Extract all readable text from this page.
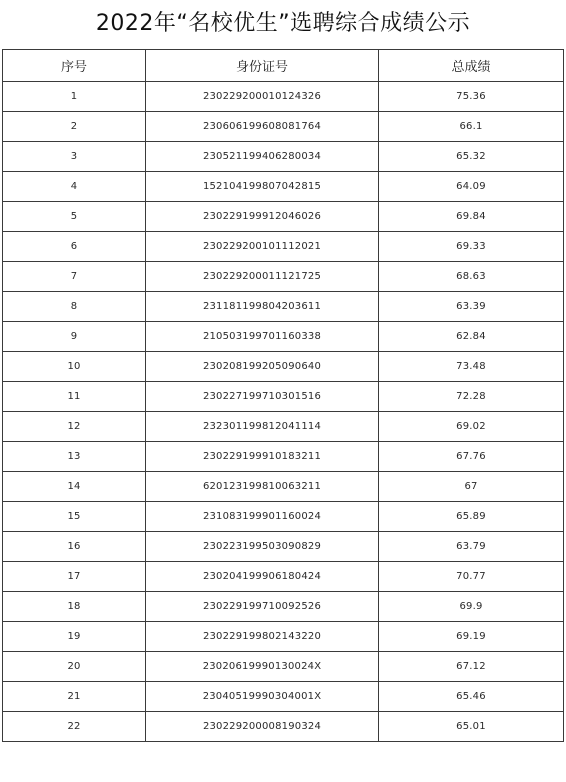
2022年“名校优生”选聘综合成绩公示
序号	身份证号	总成绩
1	230229200010124326	75.36
2	230606199608081764	66.1
3	230521199406280034	65.32
4	152104199807042815	64.09
5	230229199912046026	69.84
6	230229200101112021	69.33
7	230229200011121725	68.63
8	231181199804203611	63.39
9	210503199701160338	62.84
10	230208199205090640	73.48
11	230227199710301516	72.28
12	232301199812041114	69.02
13	230229199910183211	67.76
14	620123199810063211	67
15	231083199901160024	65.89
16	230223199503090829	63.79
17	230204199906180424	70.77
18	230229199710092526	69.9
19	230229199802143220	69.19
20	23020619990130024X	67.12
21	23040519990304001X	65.46
22	230229200008190324	65.01
